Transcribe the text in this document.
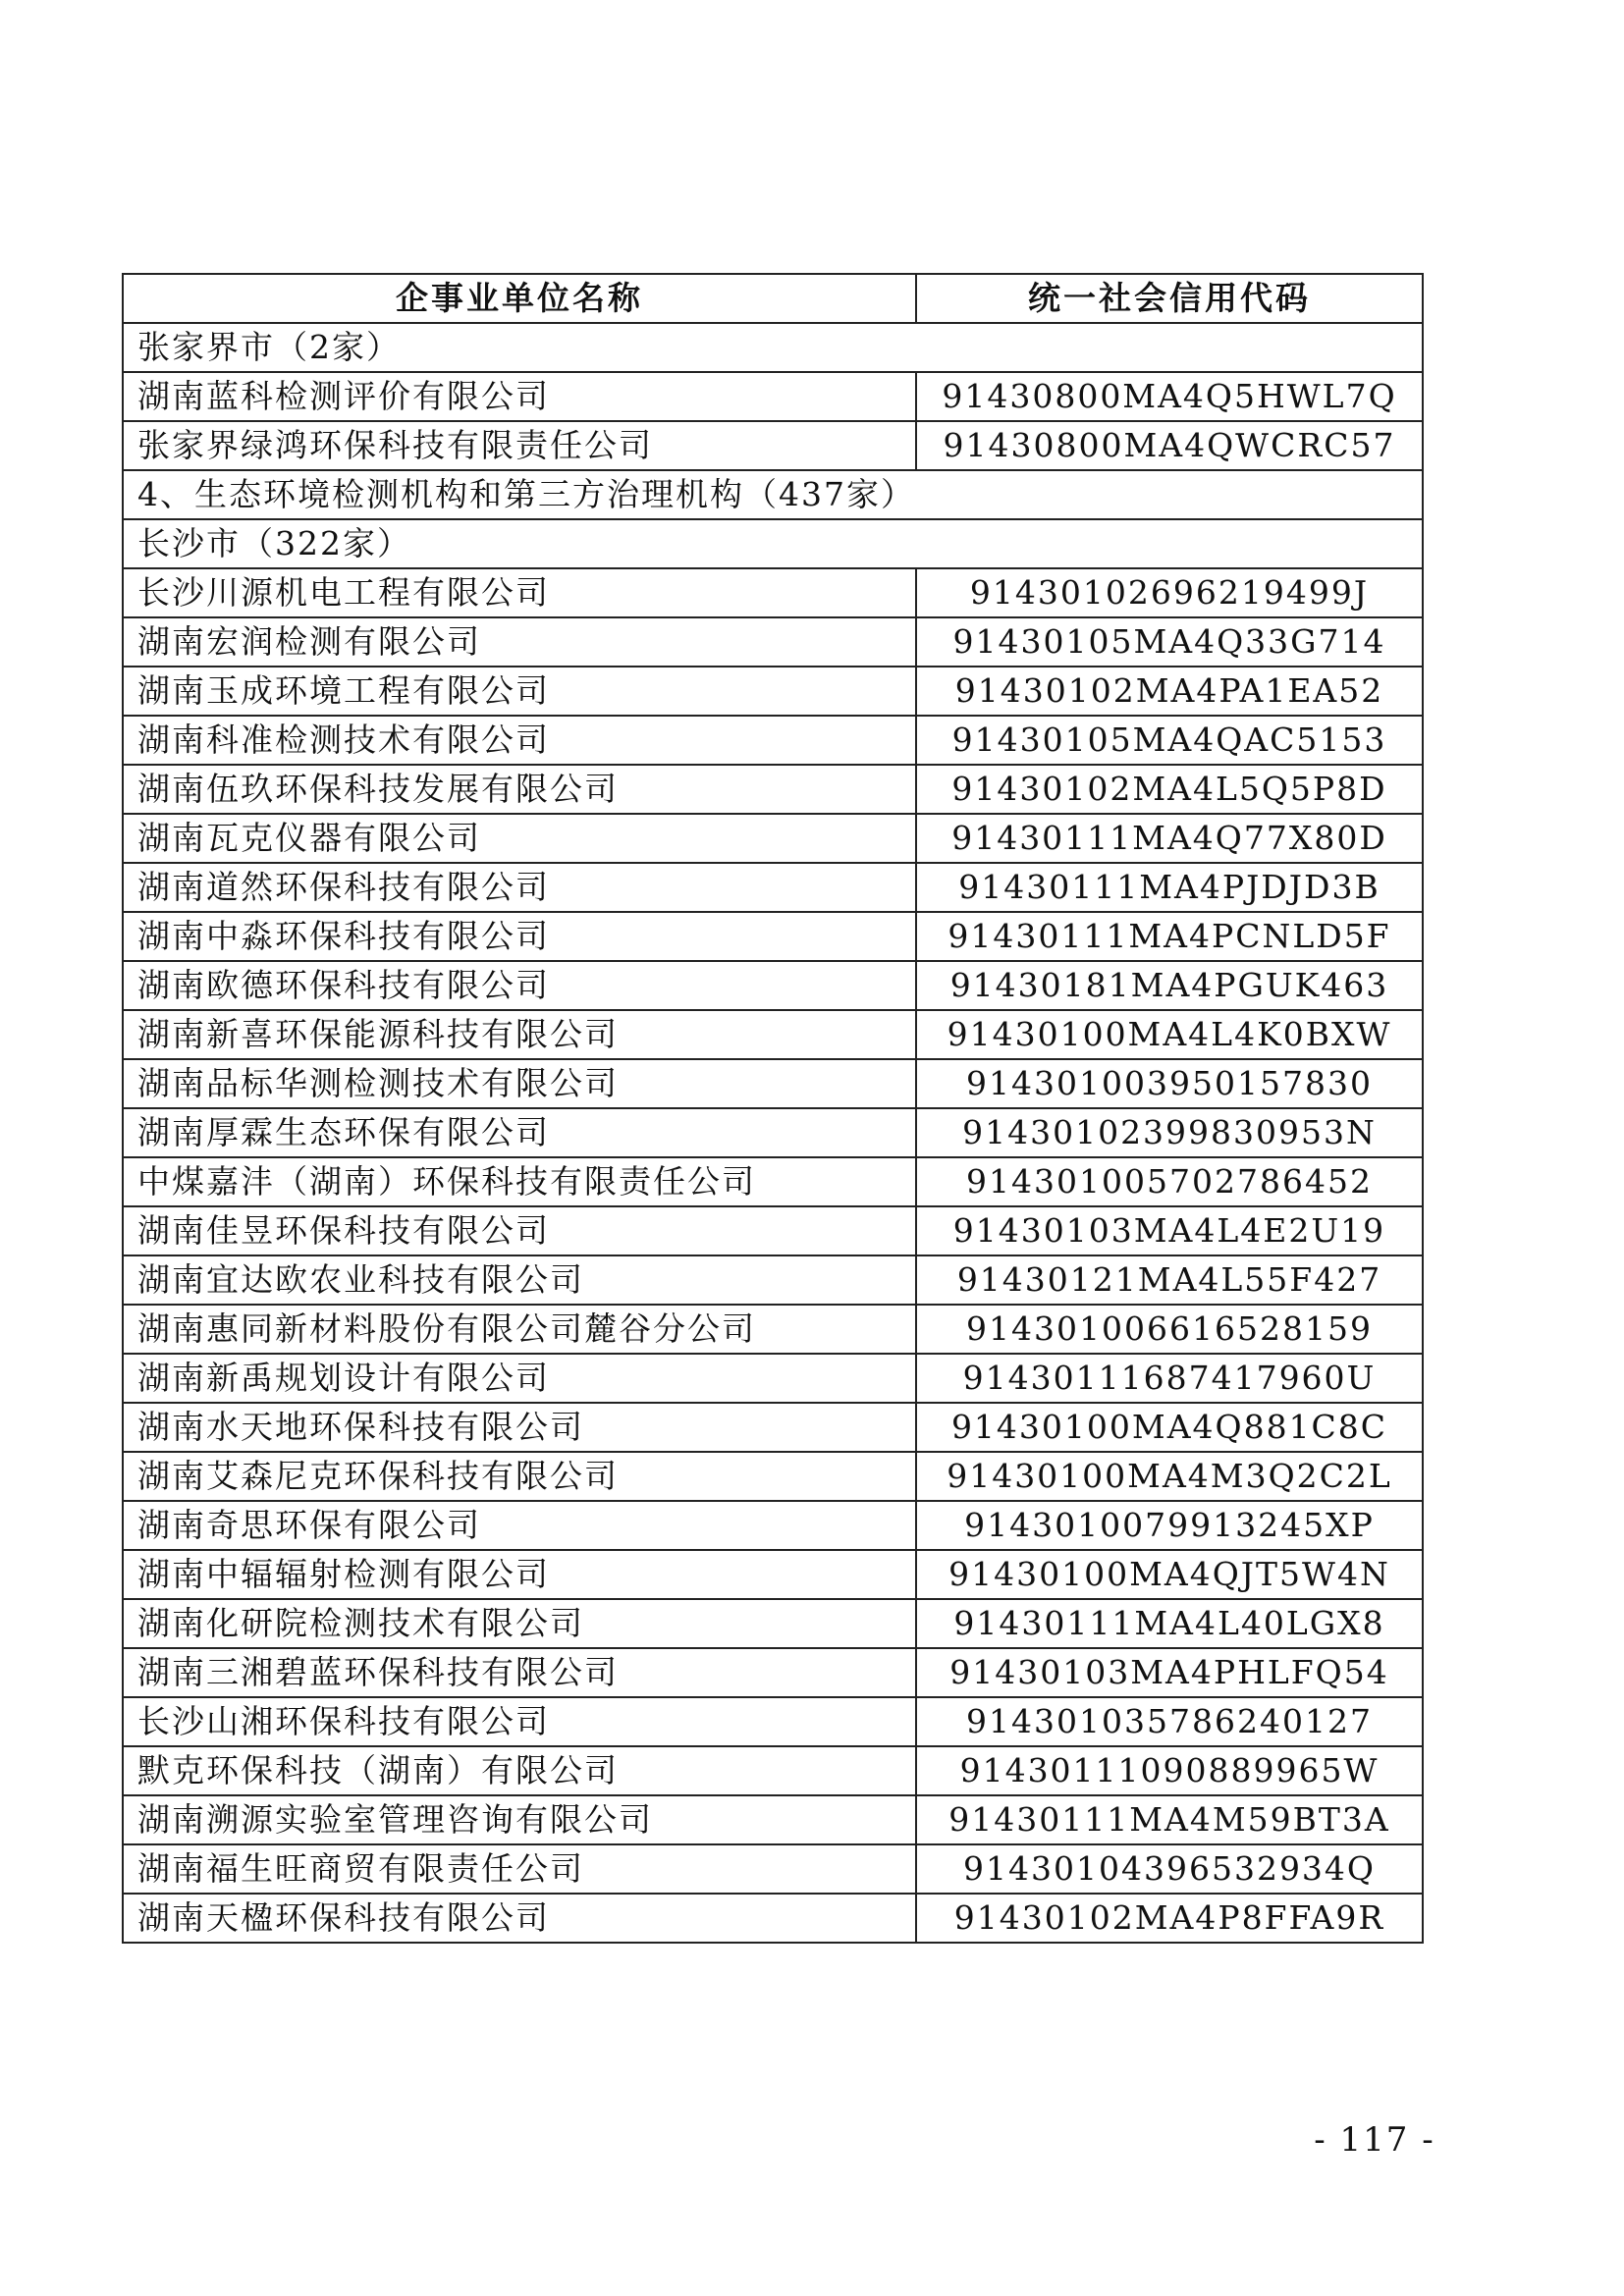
企事业单位名称	统一社会信用代码
张家界市（2家）	
湖南蓝科检测评价有限公司	91430800MA4Q5HWL7Q
张家界绿鸿环保科技有限责任公司	91430800MA4QWCRC57
4、生态环境检测机构和第三方治理机构（437家）	
长沙市（322家）	
长沙川源机电工程有限公司	91430102696219499J
湖南宏润检测有限公司	91430105MA4Q33G714
湖南玉成环境工程有限公司	91430102MA4PA1EA52
湖南科准检测技术有限公司	91430105MA4QAC5153
湖南伍玖环保科技发展有限公司	91430102MA4L5Q5P8D
湖南瓦克仪器有限公司	91430111MA4Q77X80D
湖南道然环保科技有限公司	91430111MA4PJDJD3B
湖南中淼环保科技有限公司	91430111MA4PCNLD5F
湖南欧德环保科技有限公司	91430181MA4PGUK463
湖南新喜环保能源科技有限公司	91430100MA4L4K0BXW
湖南品标华测检测技术有限公司	914301003950157830
湖南厚霖生态环保有限公司	91430102399830953N
中煤嘉沣（湖南）环保科技有限责任公司	914301005702786452
湖南佳昱环保科技有限公司	91430103MA4L4E2U19
湖南宜达欧农业科技有限公司	91430121MA4L55F427
湖南惠同新材料股份有限公司麓谷分公司	914301006616528159
湖南新禹规划设计有限公司	91430111687417960U
湖南水天地环保科技有限公司	91430100MA4Q881C8C
湖南艾森尼克环保科技有限公司	91430100MA4M3Q2C2L
湖南奇思环保有限公司	9143010079913245XP
湖南中辐辐射检测有限公司	91430100MA4QJT5W4N
湖南化研院检测技术有限公司	91430111MA4L40LGX8
湖南三湘碧蓝环保科技有限公司	91430103MA4PHLFQ54
长沙山湘环保科技有限公司	914301035786240127
默克环保科技（湖南）有限公司	91430111090889965W
湖南溯源实验室管理咨询有限公司	91430111MA4M59BT3A
湖南福生旺商贸有限责任公司	91430104396532934Q
湖南天楹环保科技有限公司	91430102MA4P8FFA9R
- 117 -
